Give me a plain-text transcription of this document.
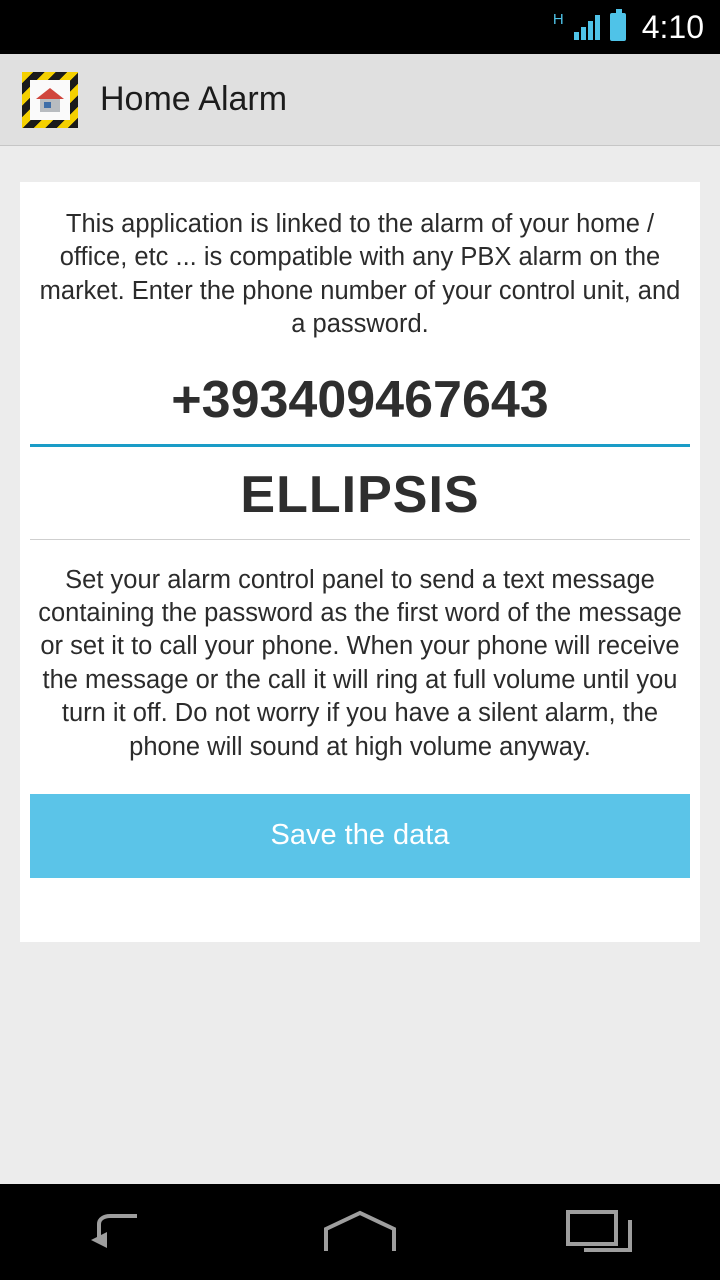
H 4:10
Home Alarm

This application is linked to the alarm of your home / office, etc ... is compatible with any PBX alarm on the market. Enter the phone number of your control unit, and a password.

+393409467643
ELLIPSIS

Set your alarm control panel to send a text message containing the password as the first word of the message or set it to call your phone. When your phone will receive the message or the call it will ring at full volume until you turn it off. Do not worry if you have a silent alarm, the phone will sound at high volume anyway.

Save the data
